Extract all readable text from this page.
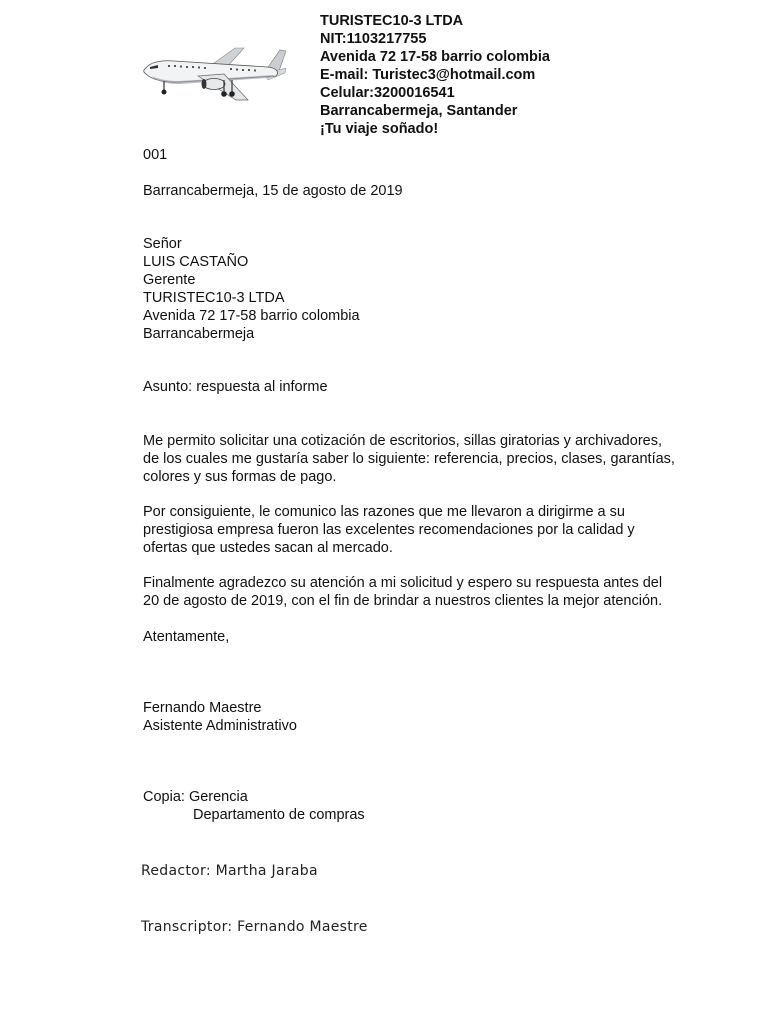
TURISTEC10-3 LTDA
NIT:1103217755
Avenida 72 17-58 barrio colombia
E-mail: Turistec3@hotmail.com
Celular:3200016541
Barrancabermeja, Santander
¡Tu viaje soñado!
001
Barrancabermeja, 15 de agosto de 2019
Señor
LUIS CASTAÑO
Gerente
TURISTEC10-3 LTDA
Avenida 72 17-58 barrio colombia
Barrancabermeja
Asunto: respuesta al informe
Me permito solicitar una cotización de escritorios, sillas giratorias y archivadores,
de los cuales me gustaría saber lo siguiente: referencia, precios, clases, garantías,
colores y sus formas de pago.
Por consiguiente, le comunico las razones que me llevaron a dirigirme a su
prestigiosa empresa fueron las excelentes recomendaciones por la calidad y
ofertas que ustedes sacan al mercado.
Finalmente agradezco su atención a mi solicitud y espero su respuesta antes del
20 de agosto de 2019, con el fin de brindar a nuestros clientes la mejor atención.
Atentamente,
Fernando Maestre
Asistente Administrativo
Copia: Gerencia
Departamento de compras
Redactor: Martha Jaraba
Transcriptor: Fernando Maestre
